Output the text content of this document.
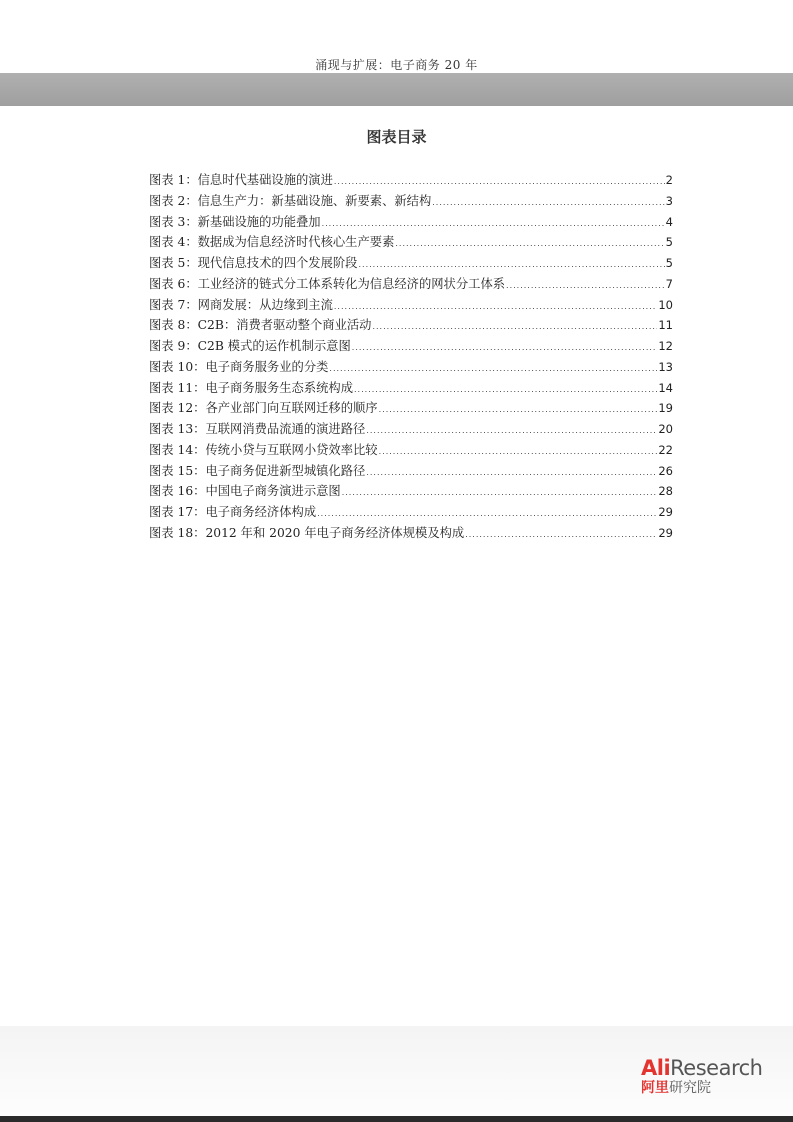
涌现与扩展：电子商务 20 年
图表目录
图表 1：信息时代基础设施的演进 .....	2
图表 2：信息生产力：新基础设施、新要素、新结构 .....	3
图表 3：新基础设施的功能叠加 .....	4
图表 4：数据成为信息经济时代核心生产要素 .....	5
图表 5：现代信息技术的四个发展阶段 .....	5
图表 6：工业经济的链式分工体系转化为信息经济的网状分工体系 .....	7
图表 7：网商发展：从边缘到主流 .....	10
图表 8：C2B：消费者驱动整个商业活动 .....	11
图表 9：C2B 模式的运作机制示意图 .....	12
图表 10：电子商务服务业的分类 .....	13
图表 11：电子商务服务生态系统构成 .....	14
图表 12：各产业部门向互联网迁移的顺序 .....	19
图表 13：互联网消费品流通的演进路径 .....	20
图表 14：传统小贷与互联网小贷效率比较 .....	22
图表 15：电子商务促进新型城镇化路径 .....	26
图表 16：中国电子商务演进示意图 .....	28
图表 17：电子商务经济体构成 .....	29
图表 18：2012 年和 2020 年电子商务经济体规模及构成 .....	29
AliResearch
阿里研究院
